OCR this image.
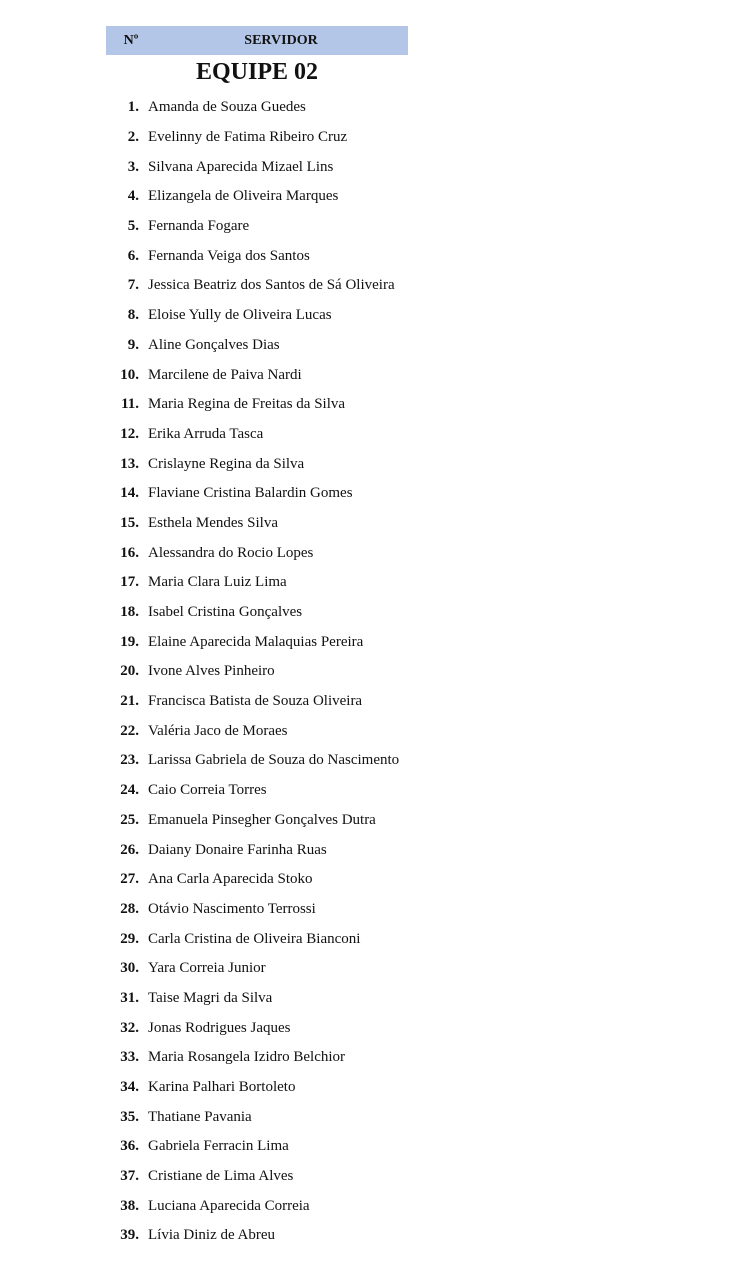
Nº	SERVIDOR
EQUIPE 02
1. Amanda de Souza Guedes
2. Evelinny de Fatima Ribeiro Cruz
3. Silvana Aparecida Mizael Lins
4. Elizangela de Oliveira Marques
5. Fernanda Fogare
6. Fernanda Veiga dos Santos
7. Jessica Beatriz dos Santos de Sá Oliveira
8. Eloise Yully de Oliveira Lucas
9. Aline Gonçalves Dias
10. Marcilene de Paiva Nardi
11. Maria Regina de Freitas da Silva
12. Erika Arruda Tasca
13. Crislayne Regina da Silva
14. Flaviane Cristina Balardin Gomes
15. Esthela Mendes Silva
16. Alessandra do Rocio Lopes
17. Maria Clara Luiz Lima
18. Isabel Cristina Gonçalves
19. Elaine Aparecida Malaquias Pereira
20. Ivone Alves Pinheiro
21. Francisca Batista de Souza Oliveira
22. Valéria Jaco de Moraes
23. Larissa Gabriela de Souza do Nascimento
24. Caio Correia Torres
25. Emanuela Pinsegher Gonçalves Dutra
26. Daiany Donaire Farinha Ruas
27. Ana Carla Aparecida Stoko
28. Otávio Nascimento Terrossi
29. Carla Cristina de Oliveira Bianconi
30. Yara Correia Junior
31. Taise Magri da Silva
32. Jonas Rodrigues Jaques
33. Maria Rosangela Izidro Belchior
34. Karina Palhari Bortoleto
35. Thatiane Pavania
36. Gabriela Ferracin Lima
37. Cristiane de Lima Alves
38. Luciana Aparecida Correia
39. Lívia Diniz de Abreu
